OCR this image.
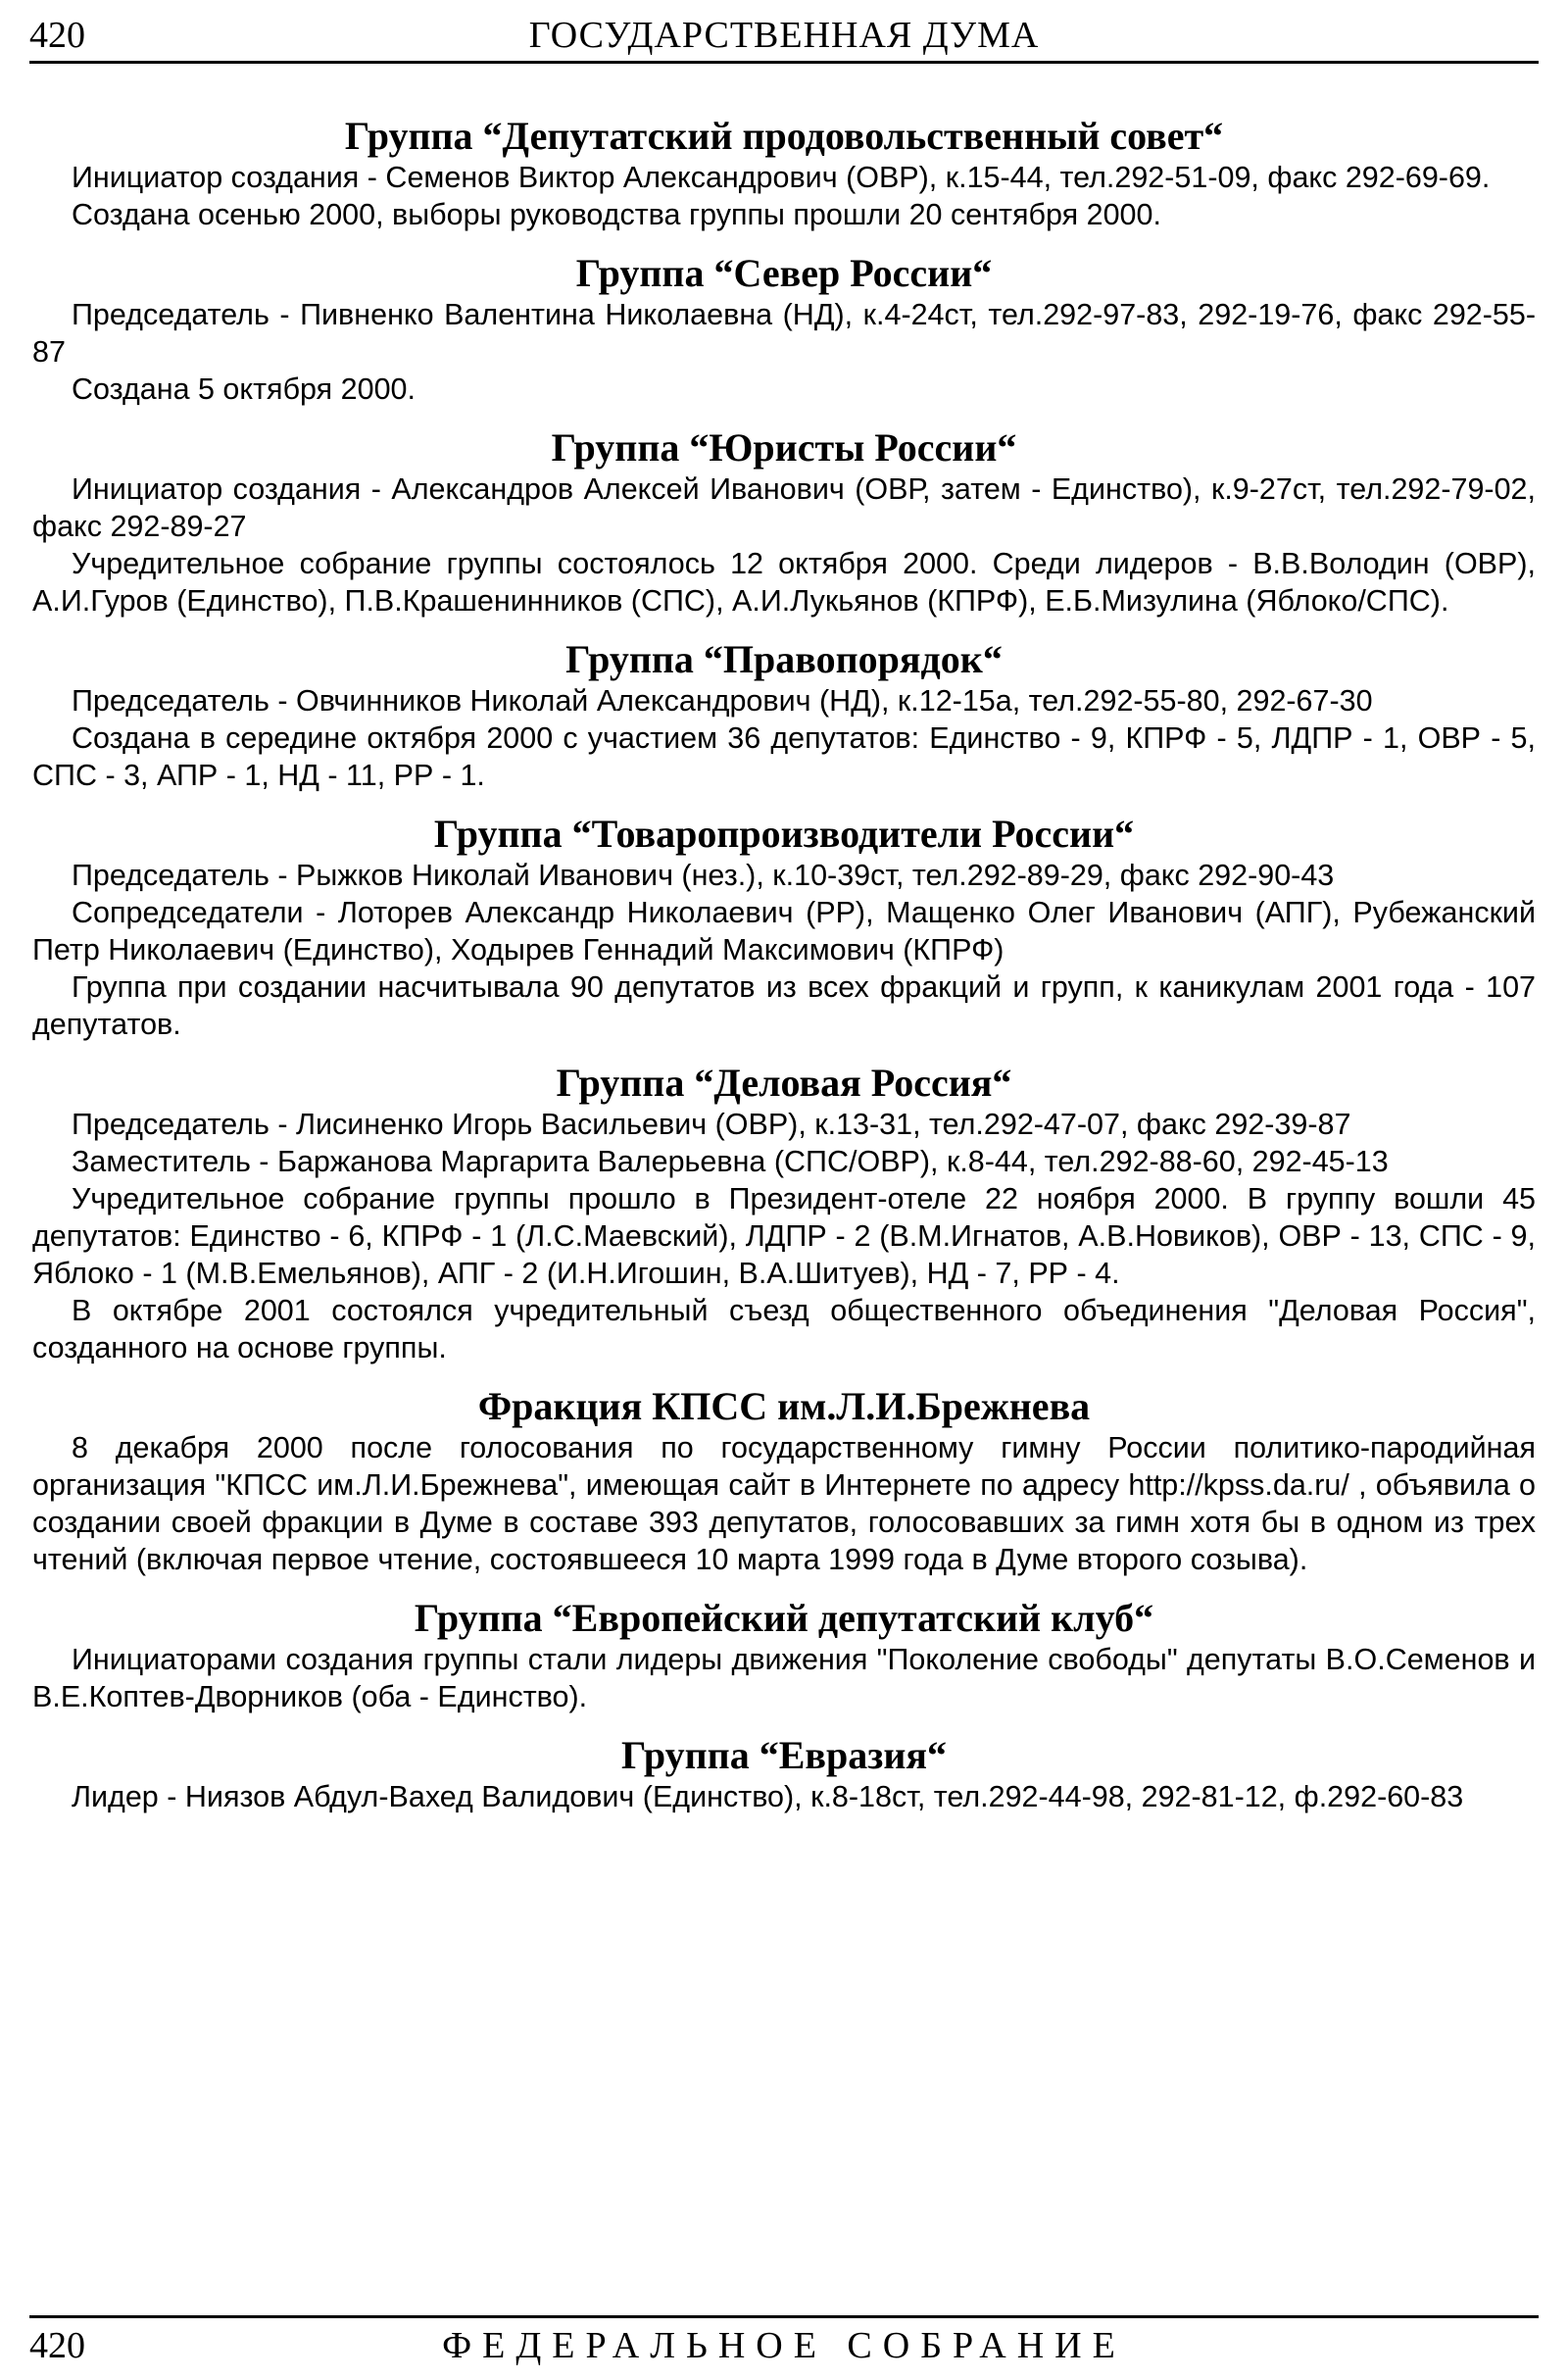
ГОСУДАРСТВЕННАЯ ДУМА
420
Группа “Депутатский продовольственный совет“

Инициатор создания - Семенов Виктор Александрович (ОВР), к.15-44, тел.292-51-09, факс 292-69-69.

Создана осенью 2000, выборы руководства группы прошли 20 сентября 2000.

Группа “Север России“

Председатель - Пивненко Валентина Николаевна (НД), к.4-24ст, тел.292-97-83, 292-19-76, факс 292-55-87

Создана 5 октября 2000.

Группа “Юристы России“

Инициатор создания - Александров Алексей Иванович (ОВР, затем - Единство), к.9-27ст, тел.292-79-02, факс 292-89-27

Учредительное собрание группы состоялось 12 октября 2000. Среди лидеров - В.В.Володин (ОВР), А.И.Гуров (Единство), П.В.Крашенинников (СПС), А.И.Лукьянов (КПРФ), Е.Б.Мизулина (Яблоко/СПС).

Группа “Правопорядок“

Председатель - Овчинников Николай Александрович (НД), к.12-15а, тел.292-55-80, 292-67-30

Создана в середине октября 2000 с участием 36 депутатов: Единство - 9, КПРФ - 5, ЛДПР - 1, ОВР - 5, СПС - 3, АПР - 1, НД - 11, РР - 1.

Группа “Товаропроизводители России“

Председатель - Рыжков Николай Иванович (нез.), к.10-39ст, тел.292-89-29, факс 292-90-43

Сопредседатели - Лоторев Александр Николаевич (РР), Мащенко Олег Иванович (АПГ), Рубежанский Петр Николаевич (Единство), Ходырев Геннадий Максимович (КПРФ)

Группа при создании насчитывала 90 депутатов из всех фракций и групп, к каникулам 2001 года - 107 депутатов.

Группа “Деловая Россия“

Председатель - Лисиненко Игорь Васильевич (ОВР), к.13-31, тел.292-47-07, факс 292-39-87

Заместитель - Баржанова Маргарита Валерьевна (СПС/ОВР), к.8-44, тел.292-88-60, 292-45-13

Учредительное собрание группы прошло в Президент-отеле 22 ноября 2000. В группу вошли 45 депутатов: Единство - 6, КПРФ - 1 (Л.С.Маевский), ЛДПР - 2 (В.М.Игнатов, А.В.Новиков), ОВР - 13, СПС - 9, Яблоко - 1 (М.В.Емельянов), АПГ - 2 (И.Н.Игошин, В.А.Шитуев), НД - 7, РР - 4.

В октябре 2001 состоялся учредительный съезд общественного объединения "Деловая Россия", созданного на основе группы.

Фракция КПСС им.Л.И.Брежнева

8 декабря 2000 после голосования по государственному гимну России политико-пародийная организация "КПСС им.Л.И.Брежнева", имеющая сайт в Интернете по адресу http://kpss.da.ru/ , объявила о создании своей фракции в Думе в составе 393 депутатов, голосовавших за гимн хотя бы в одном из трех чтений (включая первое чтение, состоявшееся 10 марта 1999 года в Думе второго созыва).

Группа “Европейский депутатский клуб“

Инициаторами создания группы стали лидеры движения "Поколение свободы" депутаты В.О.Семенов и В.Е.Коптев-Дворников (оба - Единство).

Группа “Евразия“

Лидер - Ниязов Абдул-Вахед Валидович (Единство), к.8-18ст, тел.292-44-98, 292-81-12, ф.292-60-83

ФЕДЕРАЛЬНОЕ СОБРАНИЕ
420
